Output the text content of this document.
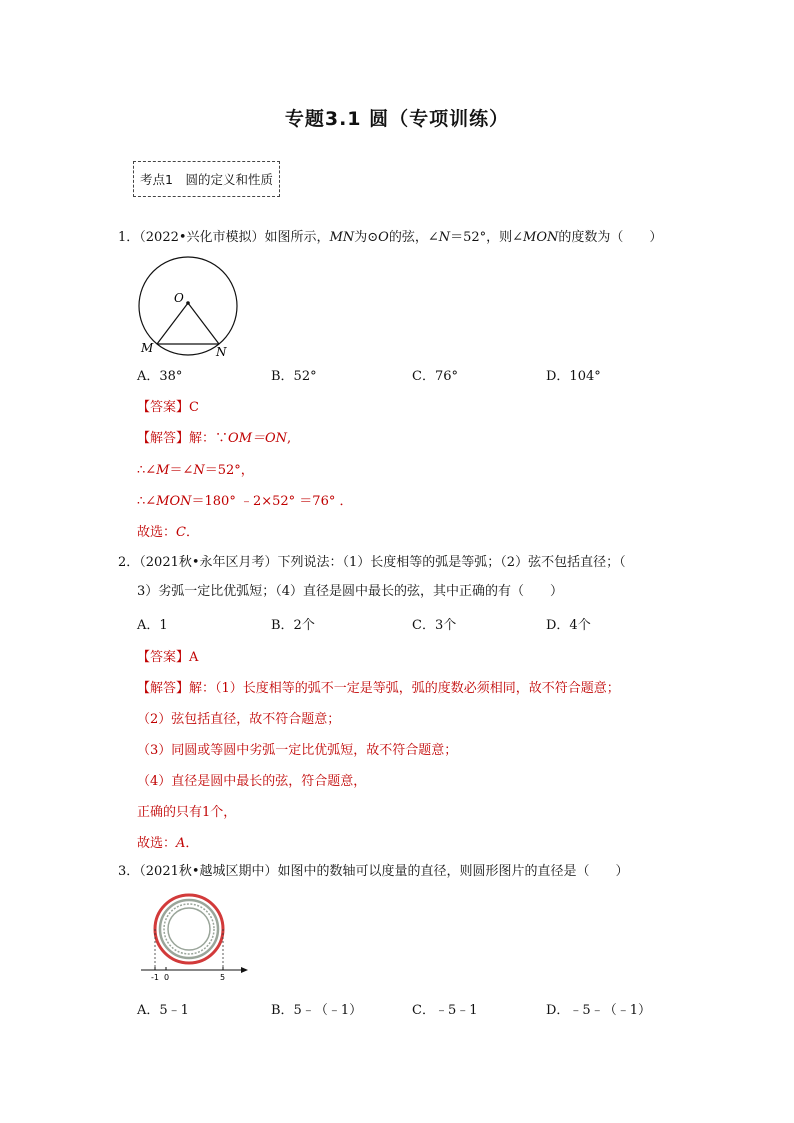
专题3.1 圆（专项训练）
考点1　圆的定义和性质
1．（2022•兴化市模拟）如图所示，MN为⊙O的弦，∠N＝52°，则∠MON的度数为（　　）
O
M	N
A．38°	B．52°	C．76°	D．104°
【答案】C
【解答】解：∵OM＝ON,
∴∠M＝∠N＝52°，
∴∠MON＝180° ﹣2×52° ＝76° ．
故选：C．
2．（2021秋•永年区月考）下列说法：（1）长度相等的弧是等弧；（2）弦不包括直径；（
3）劣弧一定比优弧短；（4）直径是圆中最长的弦，其中正确的有（　　）
A．1	B．2个	C．3个	D．4个
【答案】A
【解答】解：（1）长度相等的弧不一定是等弧，弧的度数必须相同，故不符合题意；
（2）弦包括直径，故不符合题意；
（3）同圆或等圆中劣弧一定比优弧短，故不符合题意；
（4）直径是圆中最长的弦，符合题意，
正确的只有1个，
故选：A．
3．（2021秋•越城区期中）如图中的数轴可以度量的直径，则圆形图片的直径是（　　）
-1 0	5
A．5﹣1	B．5﹣（﹣1）	C．﹣5﹣1	D．﹣5﹣（﹣1）
